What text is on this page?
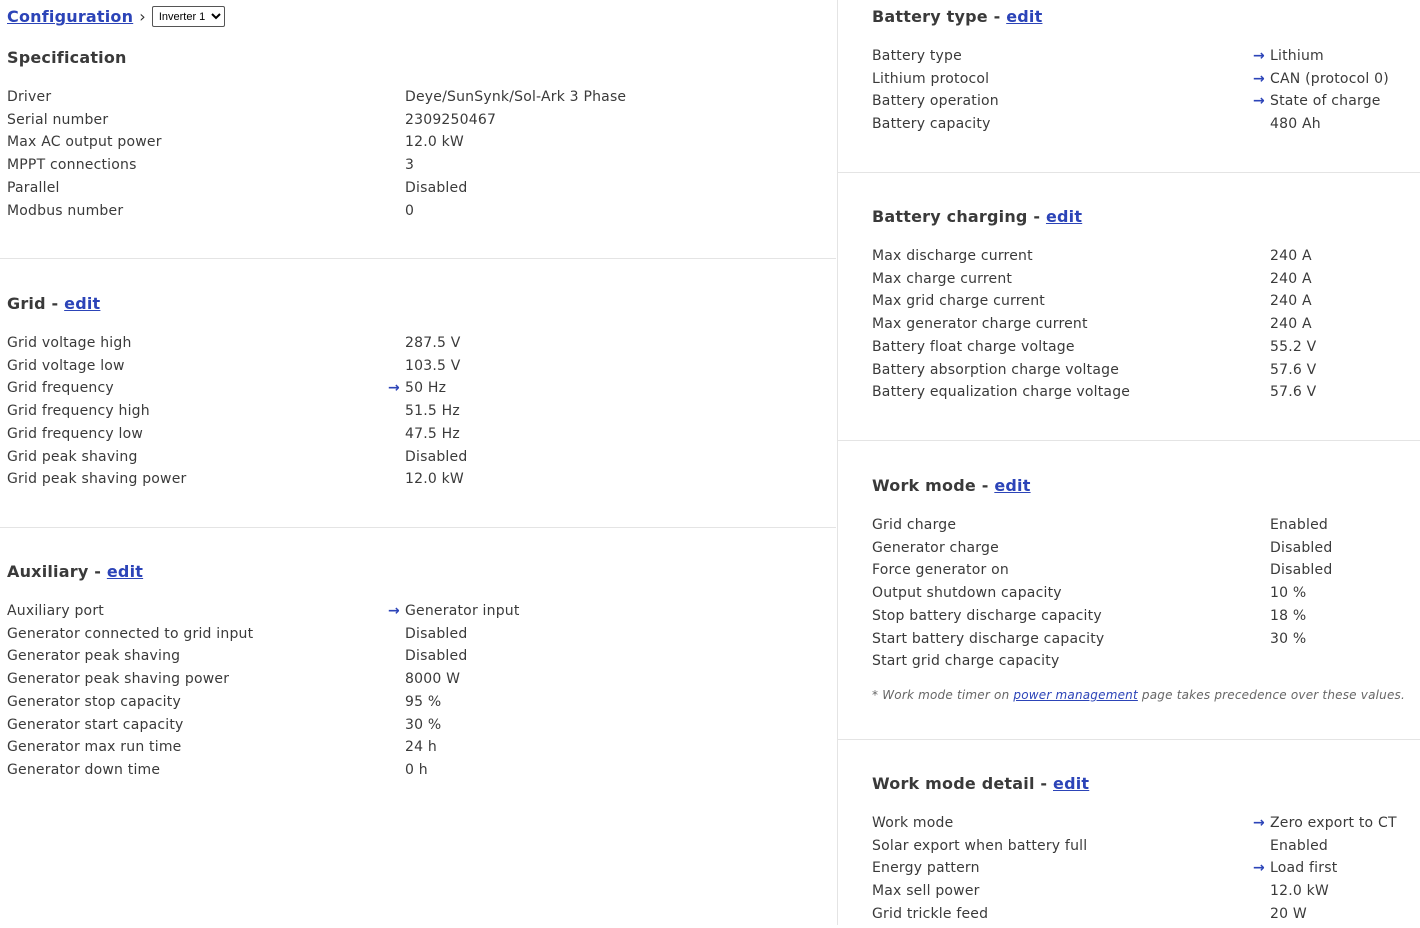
Configuration ›
Inverter 1
Specification
Driver	Deye/SunSynk/Sol-Ark 3 Phase
Serial number	2309250467
Max AC output power	12.0 kW
MPPT connections	3
Parallel	Disabled
Modbus number	0
Grid - edit
Grid voltage high	287.5 V
Grid voltage low	103.5 V
Grid frequency	→ 50 Hz
Grid frequency high	51.5 Hz
Grid frequency low	47.5 Hz
Grid peak shaving	Disabled
Grid peak shaving power	12.0 kW
Auxiliary - edit
Auxiliary port	→ Generator input
Generator connected to grid input	Disabled
Generator peak shaving	Disabled
Generator peak shaving power	8000 W
Generator stop capacity	95 %
Generator start capacity	30 %
Generator max run time	24 h
Generator down time	0 h
Battery type - edit
Battery type	→ Lithium
Lithium protocol	→ CAN (protocol 0)
Battery operation	→ State of charge
Battery capacity	480 Ah
Battery charging - edit
Max discharge current	240 A
Max charge current	240 A
Max grid charge current	240 A
Max generator charge current	240 A
Battery float charge voltage	55.2 V
Battery absorption charge voltage	57.6 V
Battery equalization charge voltage	57.6 V
Work mode - edit
Grid charge	Enabled
Generator charge	Disabled
Force generator on	Disabled
Output shutdown capacity	10 %
Stop battery discharge capacity	18 %
Start battery discharge capacity	30 %
Start grid charge capacity
* Work mode timer on power management page takes precedence over these values.
Work mode detail - edit
Work mode	→ Zero export to CT
Solar export when battery full	Enabled
Energy pattern	→ Load first
Max sell power	12.0 kW
Grid trickle feed	20 W
